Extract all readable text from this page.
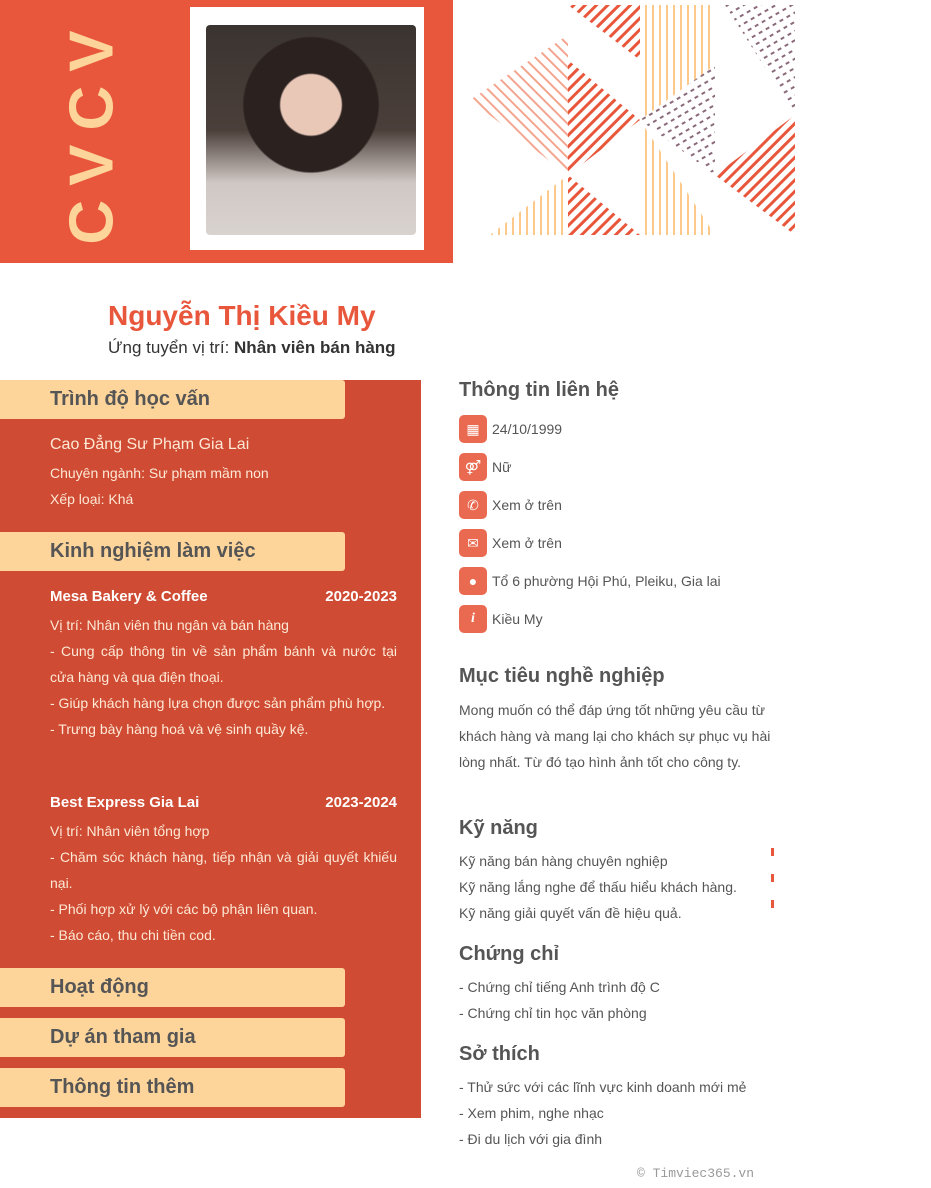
CVCV
Nguyễn Thị Kiều My
Ứng tuyển vị trí: Nhân viên bán hàng
Trình độ học vấn
Cao Đẳng Sư Phạm Gia Lai
Chuyên ngành: Sư phạm mầm non
Xếp loại: Khá
Kinh nghiệm làm việc
Mesa Bakery & Coffee	2020-2023
Vị trí: Nhân viên thu ngân và bán hàng
- Cung cấp thông tin về sản phẩm bánh và nước tại cửa hàng và qua điện thoại.
- Giúp khách hàng lựa chọn được sản phẩm phù hợp.
- Trưng bày hàng hoá và vệ sinh quầy kệ.
Best Express Gia Lai	2023-2024
Vị trí: Nhân viên tổng hợp
- Chăm sóc khách hàng, tiếp nhận và giải quyết khiếu nại.
- Phối hợp xử lý với các bộ phận liên quan.
- Báo cáo, thu chi tiền cod.
Hoạt động
Dự án tham gia
Thông tin thêm
Thông tin liên hệ
▦ 24/10/1999
⚤ Nữ
✆ Xem ở trên
✉ Xem ở trên
●	Tổ 6 phường Hội Phú, Pleiku, Gia lai
i	Kiều My
Mục tiêu nghề nghiệp
Mong muốn có thể đáp ứng tốt những yêu cầu từ khách hàng và mang lại cho khách sự phục vụ hài lòng nhất. Từ đó tạo hình ảnh tốt cho công ty.
Kỹ năng
Kỹ năng bán hàng chuyên nghiệp
Kỹ năng lắng nghe để thấu hiểu khách hàng.
Kỹ năng giải quyết vấn đề hiệu quả.
Chứng chỉ
- Chứng chỉ tiếng Anh trình độ C
- Chứng chỉ tin học văn phòng
Sở thích
- Thử sức với các lĩnh vực kinh doanh mới mẻ
- Xem phim, nghe nhạc
- Đi du lịch với gia đình
© Timviec365.vn
